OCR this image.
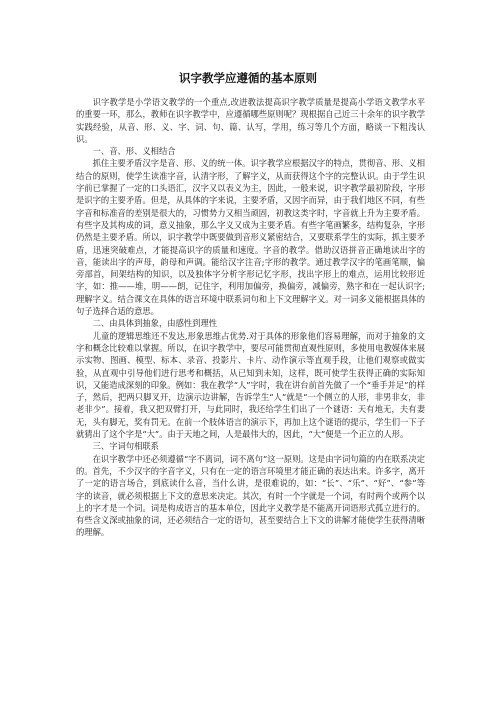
识字教学应遵循的基本原则

识字教学是小学语文教学的一个重点,改进教法提高识字教学质量是提高小学语文教学水平的重要一环，那么，教师在识字教学中，应遵循哪些原则呢？现根据自己近三十余年的识字教学实践经验，从音、形、义、字、词、句、篇、认写，学用，练习等几个方面，略谈一下粗浅认识。

一、音、形、义相结合

抓住主要矛盾汉字是音、形、义的统一体。识字教学应根据汉字的特点，贯彻音、形、义相结合的原则，使学生读准字音，认清字形，了解字义，从而获得这个字的完整认识。由于学生识字前已掌握了一定的口头语汇，汉字又以表义为主，因此，一般来说，识字教学最初阶段，字形是识字的主要矛盾。但是，从具体的字来说，主要矛盾，又因字而异，由于我们地区不同，有些字音和标准音的差别是很大的，习惯势力又相当顽固，初教这类字时，字音就上升为主要矛盾。有些字及其构成的词，意义抽象，那么字义又成为主要矛盾。有些字笔画繁多，结构复杂，字形仍然是主要矛盾。所以，识字教学中既要做到音形义紧密结合，又要联系学生的实际，抓主要矛盾，迅速突破难点，才能提高识字的质量和速度。字音的教学。借助汉语拼音正确地读出字的音，能读出字的声母，韵母和声调。能给汉字注音;字形的教学。通过教学汉字的笔画笔顺，偏旁部首，间架结构的知识，以及独体字分析字形记忆字形，找出字形上的难点，运用比较形近字，如：推——堆，明——朗，记住字，利用加偏旁，换偏旁，减偏旁，熟字和在一起认识字;理解字义。结合课文在具体的语言环境中联系词句和上下文理解字义。对一词多义能根据具体的句子选择合适的意思。

二、由具体到抽象，由感性到理性

儿童的逻辑思维还不发达,形象思维占优势.对于具体的形象他们容易理解，而对于抽象的文字和概念比较难以掌握。所以，在识字教学中，要尽可能贯彻直观性原则，多使用电教媒体来展示实物、图画、模型、标本、录音、投影片、卡片、动作演示等直观手段，让他们观察或做实验，从直观中引导他们进行思考和概括，从已知到未知，这样，既可使学生获得正确的实际知识，又能造成深刻的印象。例如：我在教学“人”字时，我在讲台前首先做了一个“垂手并足”的样子，然后，把两只脚叉开，边演示边讲解，告诉学生“人”就是“一个侧立的人形，非男非女，非老非少”。接着，我又把双臂打开，与此同时，我还给学生们出了一个谜语：天有地无，夫有妻无，头有脚无，奖有罚无。在前一个肢体语言的演示下，再加上这个谜语的提示，学生们一下子就猜出了这个字是“大”。由于天地之间，人是最伟大的，因此，“大”便是一个正立的人形。

三、字词句相联系

在识字教学中还必须遵循“字不离词，词不离句”这一原则。这是由字词句篇的内在联系决定的。首先，不少汉字的字音字义，只有在一定的语言环境里才能正确的表达出来。许多字，离开了一定的语言场合，到底读什么音，当什么讲，是很难说的，如：“长”、“乐”、“好”、“参”等字的读音，就必须根据上下文的意思来决定。其次，有时一个字就是一个词，有时两个或两个以上的字才是一个词。词是构成语言的基本单位，因此字义教学是不能离开词语形式孤立进行的。有些含义深或抽象的词，还必须结合一定的语句，甚至要结合上下文的讲解才能使学生获得清晰的理解。
